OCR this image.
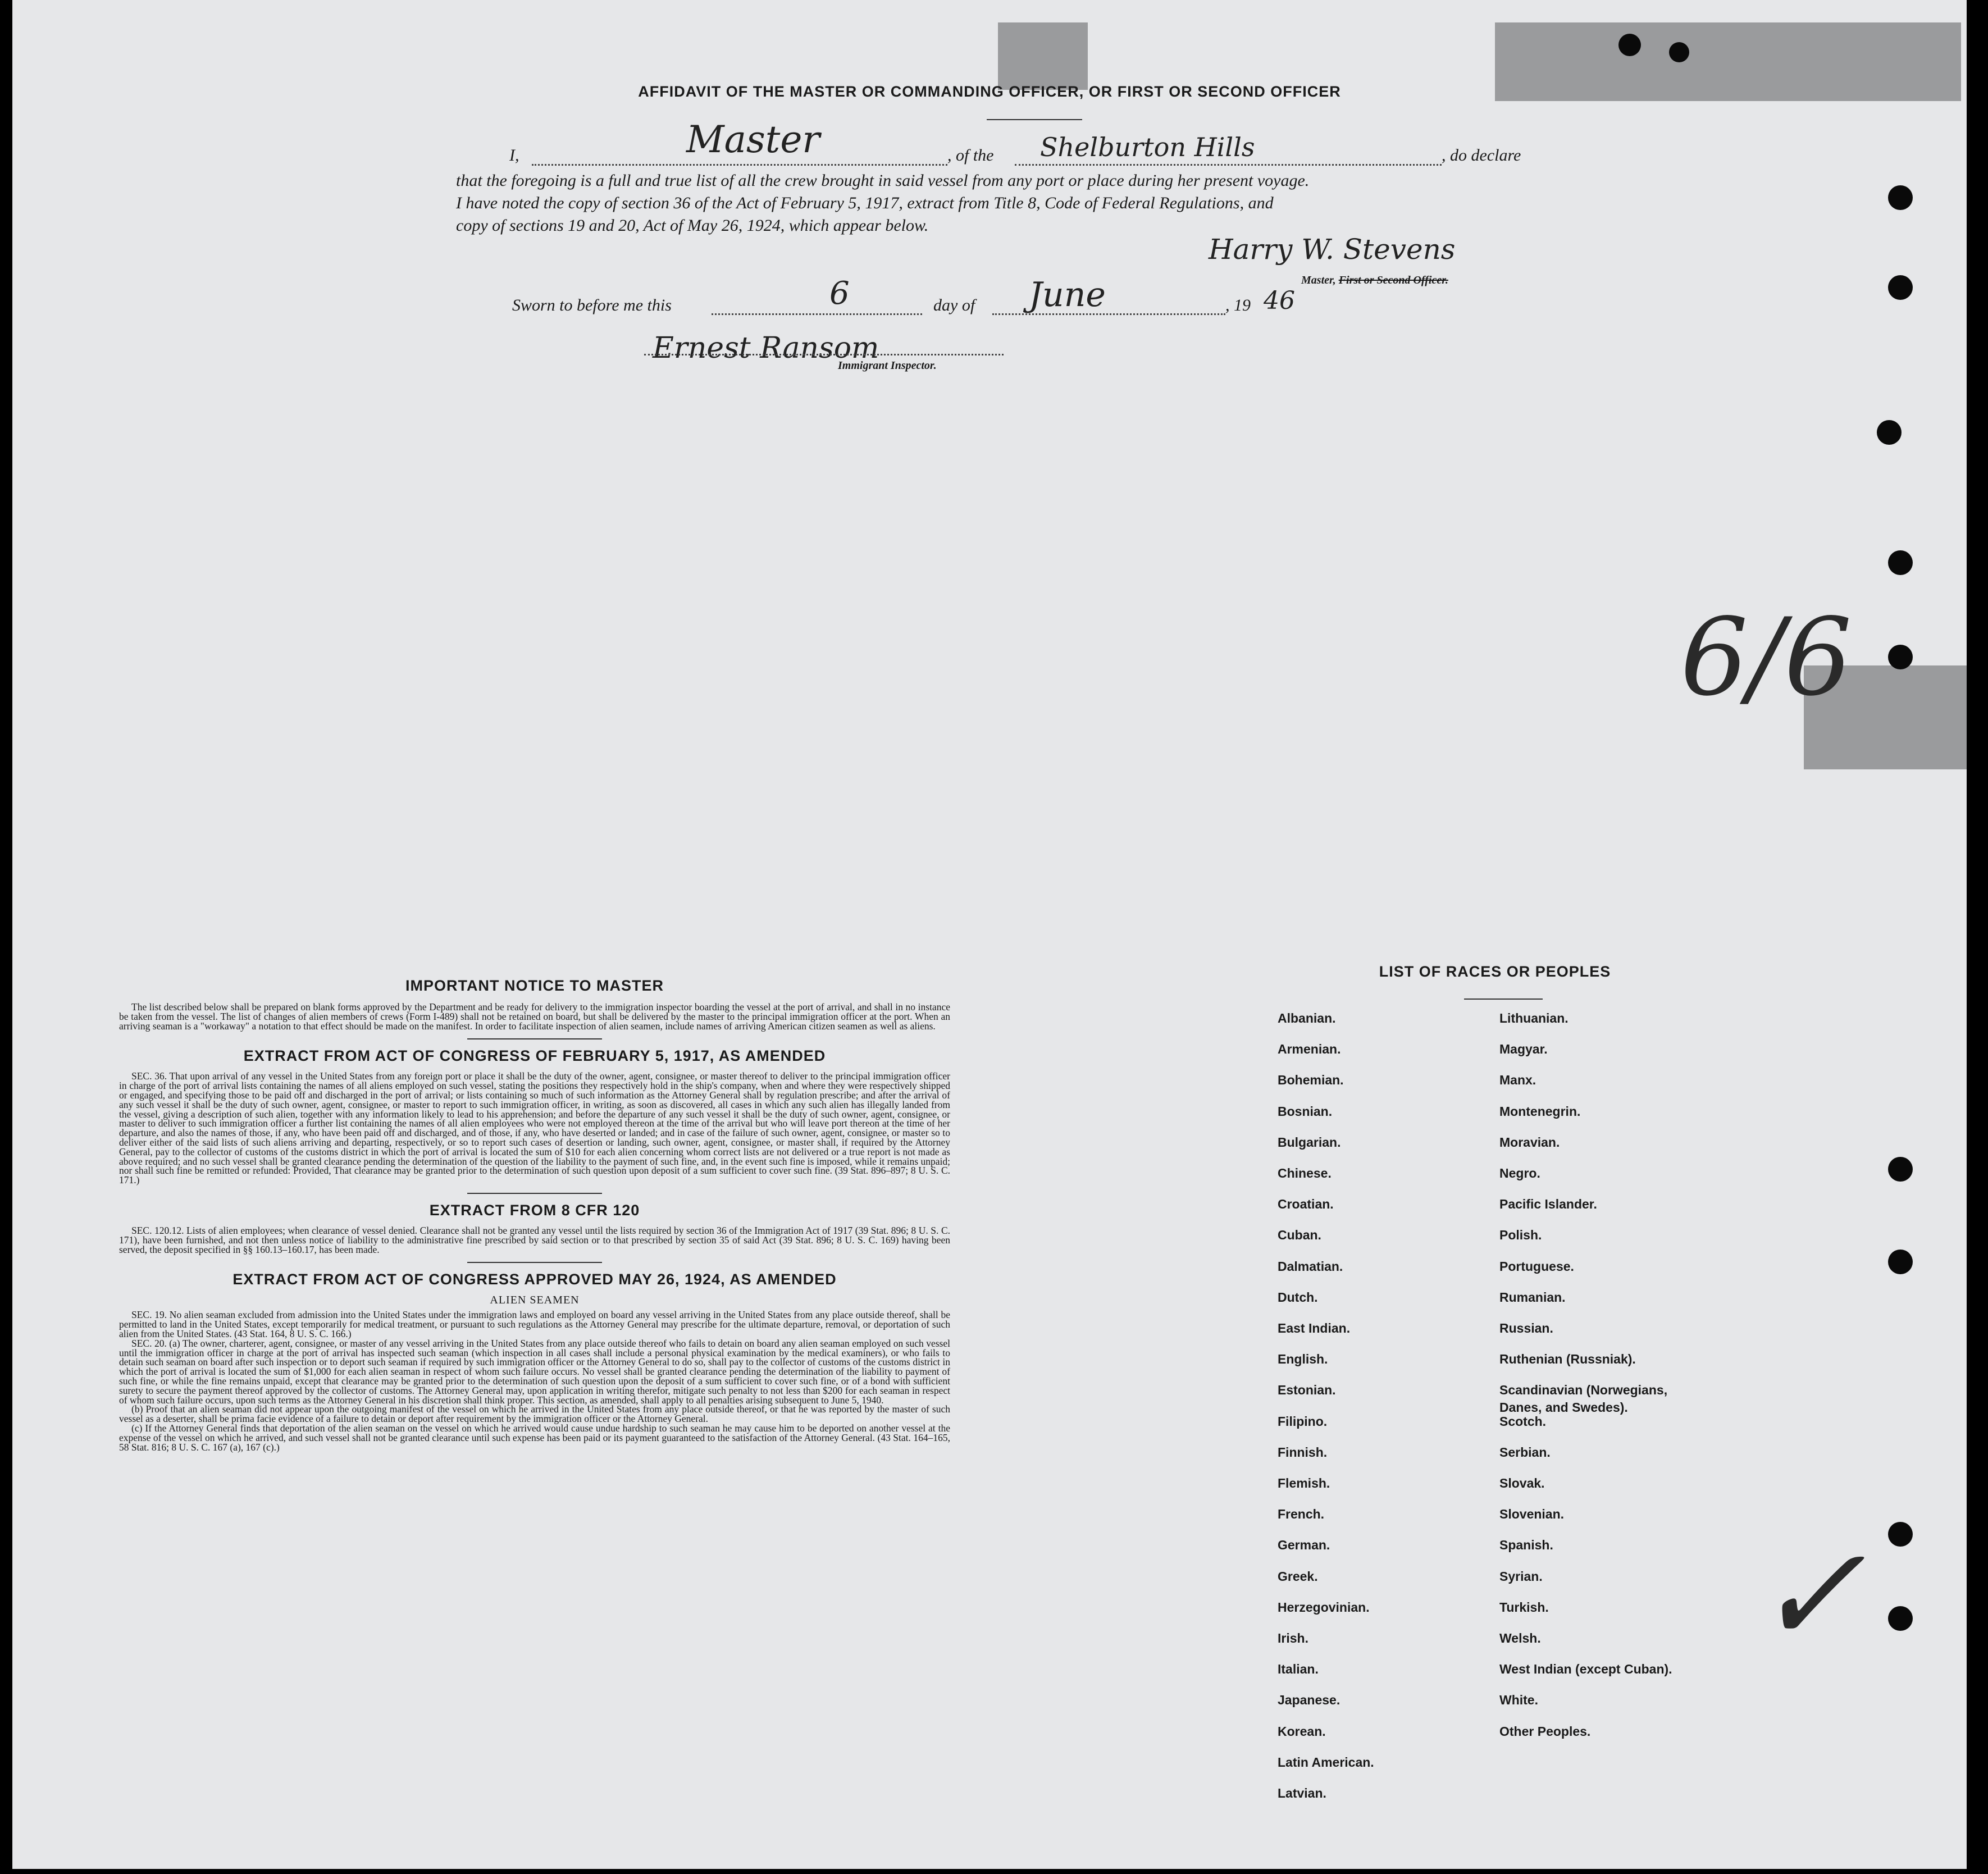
AFFIDAVIT OF THE MASTER OR COMMANDING OFFICER, OR FIRST OR SECOND OFFICER
I,	Master	, of the Shelburton Hills	, do declare
that the foregoing is a full and true list of all the crew brought in said vessel from any port or place during her present voyage.
I have noted the copy of section 36 of the Act of February 5, 1917, extract from Title 8, Code of Federal Regulations, and
copy of sections 19 and 20, Act of May 26, 1924, which appear below.
Harry W. Stevens
Master, First or Second Officer.
Sworn to before me this	6	day of June	, 19 46
Ernest Ransom
Immigrant Inspector.
6/6
✓
IMPORTANT NOTICE TO MASTER

The list described below shall be prepared on blank forms approved by the Department and be ready for delivery to the immigration inspector boarding the vessel at the port of arrival, and shall in no instance be taken from the vessel. The list of changes of alien members of crews (Form I-489) shall not be retained on board, but shall be delivered by the master to the principal immigration officer at the port. When an arriving seaman is a "workaway" a notation to that effect should be made on the manifest. In order to facilitate inspection of alien seamen, include names of arriving American citizen seamen as well as aliens.

EXTRACT FROM ACT OF CONGRESS OF FEBRUARY 5, 1917, AS AMENDED

SEC. 36. That upon arrival of any vessel in the United States from any foreign port or place it shall be the duty of the owner, agent, consignee, or master thereof to deliver to the principal immigration officer in charge of the port of arrival lists containing the names of all aliens employed on such vessel, stating the positions they respectively hold in the ship's company, when and where they were respectively shipped or engaged, and specifying those to be paid off and discharged in the port of arrival; or lists containing so much of such information as the Attorney General shall by regulation prescribe; and after the arrival of any such vessel it shall be the duty of such owner, agent, consignee, or master to report to such immigration officer, in writing, as soon as discovered, all cases in which any such alien has illegally landed from the vessel, giving a description of such alien, together with any information likely to lead to his apprehension; and before the departure of any such vessel it shall be the duty of such owner, agent, consignee, or master to deliver to such immigration officer a further list containing the names of all alien employees who were not employed thereon at the time of the arrival but who will leave port thereon at the time of her departure, and also the names of those, if any, who have been paid off and discharged, and of those, if any, who have deserted or landed; and in case of the failure of such owner, agent, consignee, or master so to deliver either of the said lists of such aliens arriving and departing, respectively, or so to report such cases of desertion or landing, such owner, agent, consignee, or master shall, if required by the Attorney General, pay to the collector of customs of the customs district in which the port of arrival is located the sum of $10 for each alien concerning whom correct lists are not delivered or a true report is not made as above required; and no such vessel shall be granted clearance pending the determination of the question of the liability to the payment of such fine, and, in the event such fine is imposed, while it remains unpaid; nor shall such fine be remitted or refunded: Provided, That clearance may be granted prior to the determination of such question upon deposit of a sum sufficient to cover such fine. (39 Stat. 896–897; 8 U. S. C. 171.)

EXTRACT FROM 8 CFR 120

SEC. 120.12. Lists of alien employees; when clearance of vessel denied. Clearance shall not be granted any vessel until the lists required by section 36 of the Immigration Act of 1917 (39 Stat. 896; 8 U. S. C. 171), have been furnished, and not then unless notice of liability to the administrative fine prescribed by said section or to that prescribed by section 35 of said Act (39 Stat. 896; 8 U. S. C. 169) having been served, the deposit specified in §§ 160.13–160.17, has been made.

EXTRACT FROM ACT OF CONGRESS APPROVED MAY 26, 1924, AS AMENDED
ALIEN SEAMEN

SEC. 19. No alien seaman excluded from admission into the United States under the immigration laws and employed on board any vessel arriving in the United States from any place outside thereof, shall be permitted to land in the United States, except temporarily for medical treatment, or pursuant to such regulations as the Attorney General may prescribe for the ultimate departure, removal, or deportation of such alien from the United States. (43 Stat. 164, 8 U. S. C. 166.)

SEC. 20. (a) The owner, charterer, agent, consignee, or master of any vessel arriving in the United States from any place outside thereof who fails to detain on board any alien seaman employed on such vessel until the immigration officer in charge at the port of arrival has inspected such seaman (which inspection in all cases shall include a personal physical examination by the medical examiners), or who fails to detain such seaman on board after such inspection or to deport such seaman if required by such immigration officer or the Attorney General to do so, shall pay to the collector of customs of the customs district in which the port of arrival is located the sum of $1,000 for each alien seaman in respect of whom such failure occurs. No vessel shall be granted clearance pending the determination of the liability to payment of such fine, or while the fine remains unpaid, except that clearance may be granted prior to the determination of such question upon the deposit of a sum sufficient to cover such fine, or of a bond with sufficient surety to secure the payment thereof approved by the collector of customs. The Attorney General may, upon application in writing therefor, mitigate such penalty to not less than $200 for each seaman in respect of whom such failure occurs, upon such terms as the Attorney General in his discretion shall think proper. This section, as amended, shall apply to all penalties arising subsequent to June 5, 1940.

(b) Proof that an alien seaman did not appear upon the outgoing manifest of the vessel on which he arrived in the United States from any place outside thereof, or that he was reported by the master of such vessel as a deserter, shall be prima facie evidence of a failure to detain or deport after requirement by the immigration officer or the Attorney General.

(c) If the Attorney General finds that deportation of the alien seaman on the vessel on which he arrived would cause undue hardship to such seaman he may cause him to be deported on another vessel at the expense of the vessel on which he arrived, and such vessel shall not be granted clearance until such expense has been paid or its payment guaranteed to the satisfaction of the Attorney General. (43 Stat. 164–165, 58 Stat. 816; 8 U. S. C. 167 (a), 167 (c).)

LIST OF RACES OR PEOPLES
Albanian.
Armenian.
Bohemian.
Bosnian.
Bulgarian.
Chinese.
Croatian.
Cuban.
Dalmatian.
Dutch.
East Indian.
English.
Estonian.
Filipino.
Finnish.
Flemish.
French.
German.
Greek.
Herzegovinian.
Irish.
Italian.
Japanese.
Korean.
Latin American.
Latvian.
Lithuanian.
Magyar.
Manx.
Montenegrin.
Moravian.
Negro.
Pacific Islander.
Polish.
Portuguese.
Rumanian.
Russian.
Ruthenian (Russniak).
Scandinavian (Norwegians,
Danes, and Swedes).
Scotch.
Serbian.
Slovak.
Slovenian.
Spanish.
Syrian.
Turkish.
Welsh.
West Indian (except Cuban).
White.
Other Peoples.
